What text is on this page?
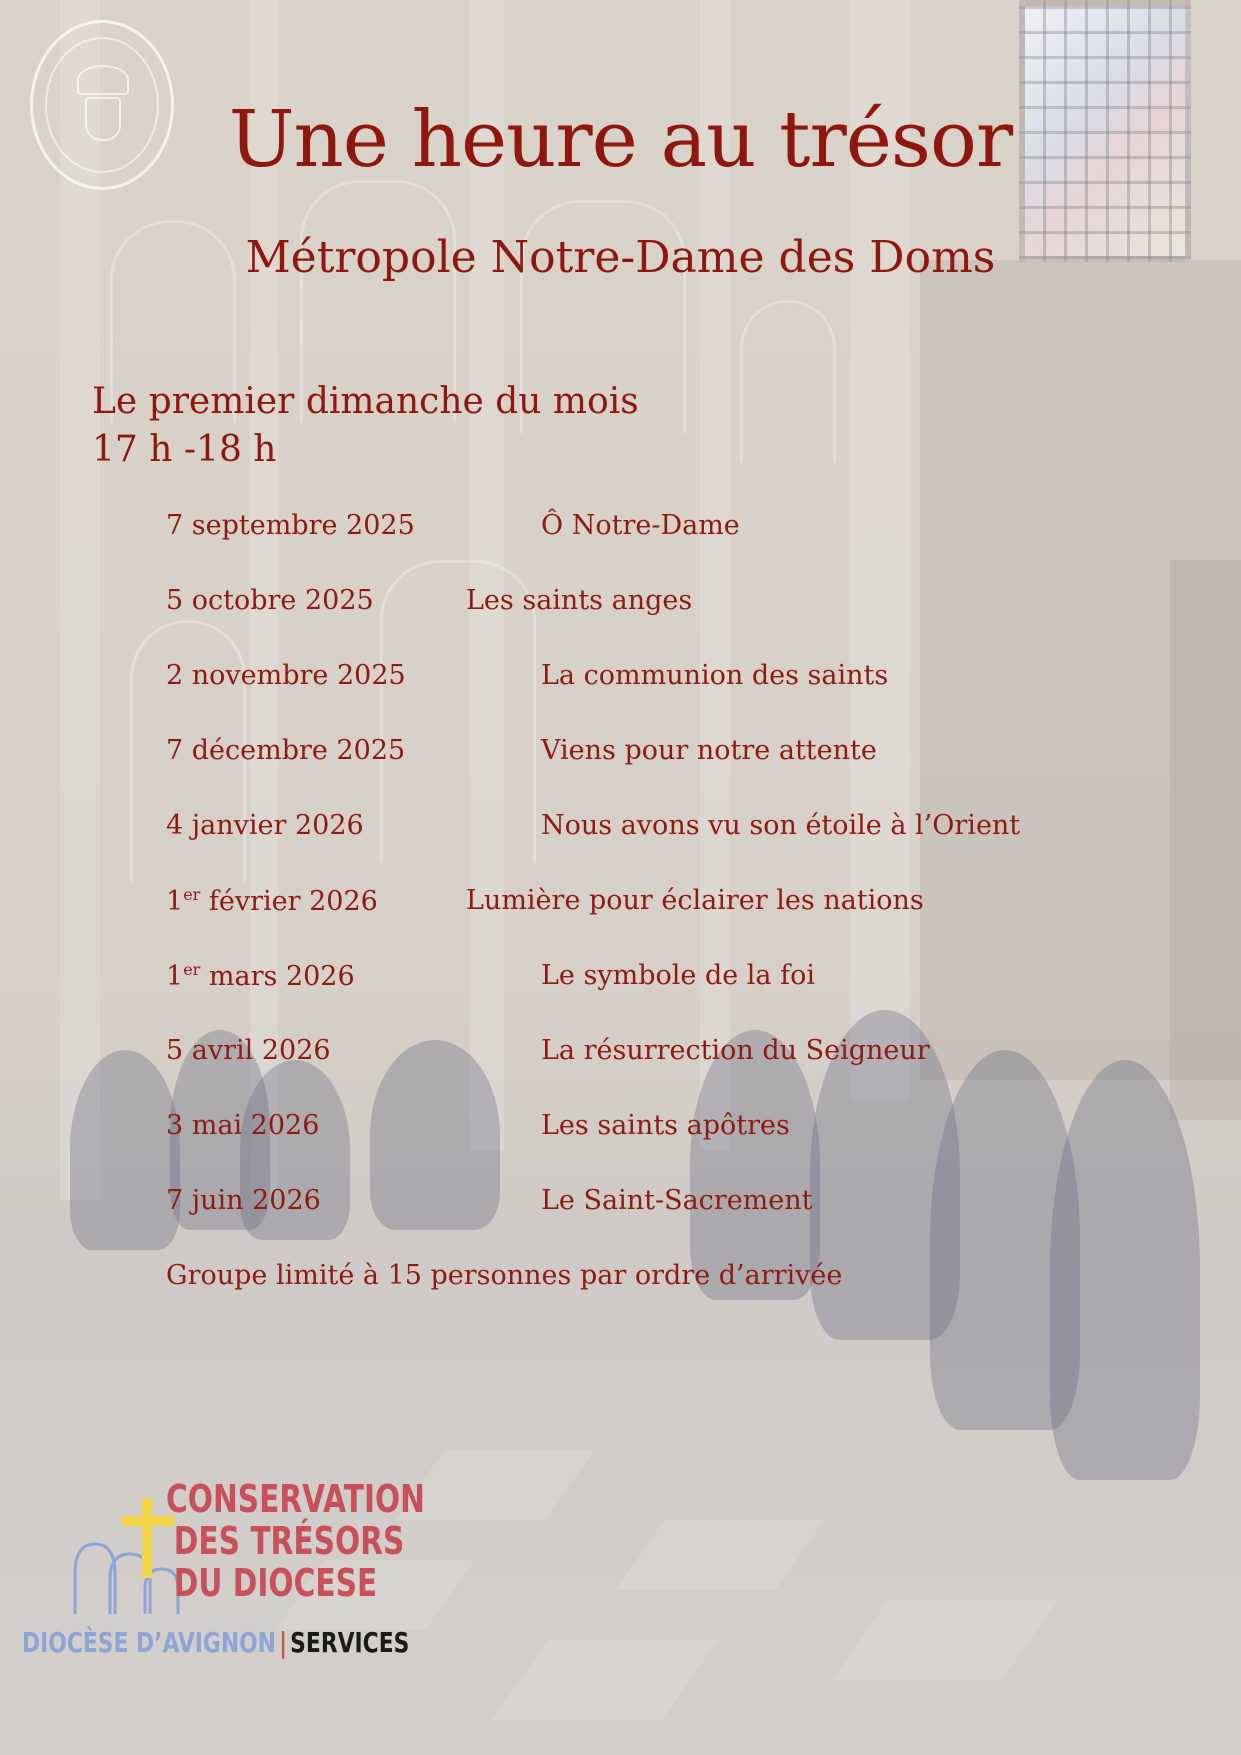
Une heure au trésor
Métropole Notre-Dame des Doms
Le premier dimanche du mois
17 h -18 h
7 septembre 2025	Ô Notre-Dame
5 octobre 2025	Les saints anges
2 novembre 2025	La communion des saints
7 décembre 2025	Viens pour notre attente
4 janvier 2026	Nous avons vu son étoile à l’Orient
1er février 2026	Lumière pour éclairer les nations
1er mars 2026	Le symbole de la foi
5 avril 2026	La résurrection du Seigneur
3 mai 2026	Les saints apôtres
7 juin 2026	Le Saint-Sacrement
Groupe limité à 15 personnes par ordre d’arrivée
CONSERVATION
DES TRÉSORS
DU DIOCESE
DIOCÈSE D’AVIGNON | SERVICES
